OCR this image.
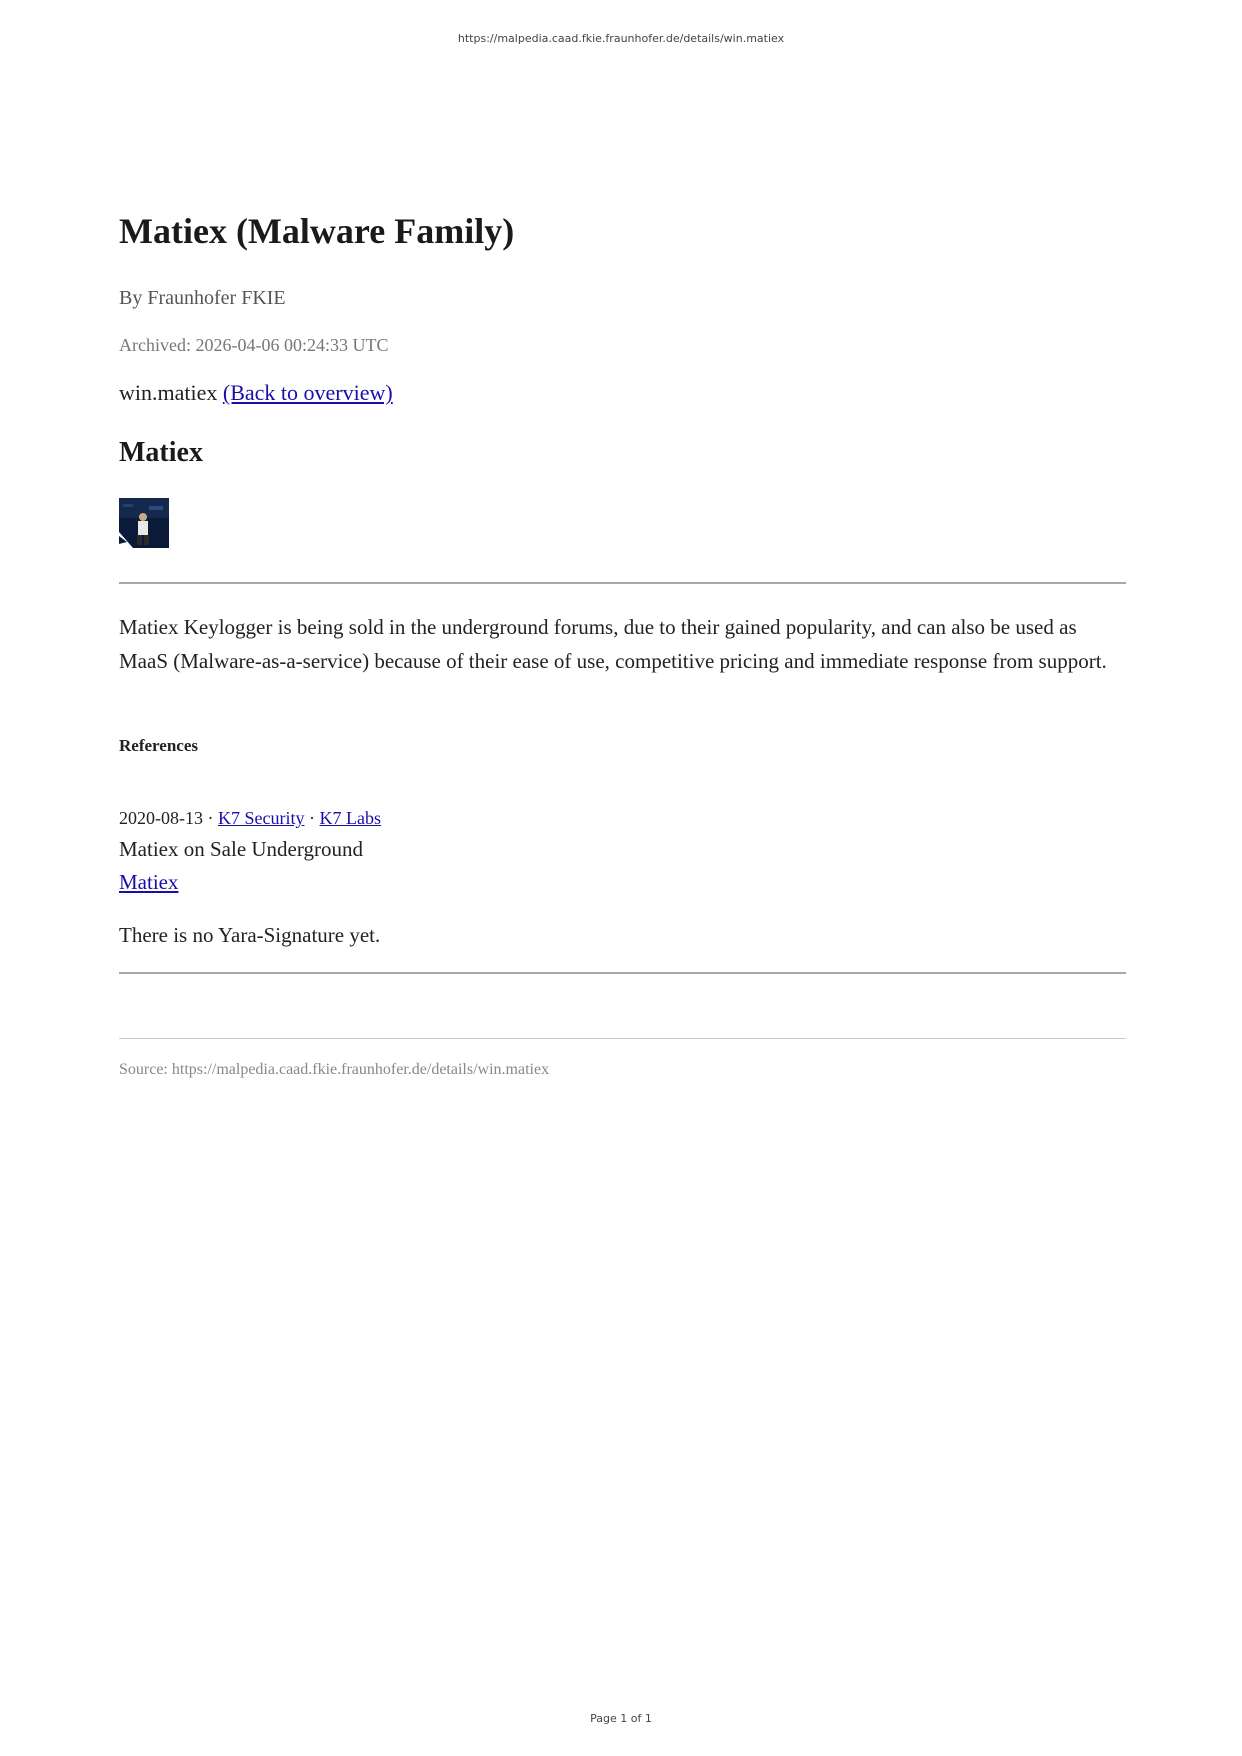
https://malpedia.caad.fkie.fraunhofer.de/details/win.matiex
Matiex (Malware Family)
By Fraunhofer FKIE
Archived: 2026-04-06 00:24:33 UTC
win.matiex (Back to overview)
Matiex
Matiex Keylogger is being sold in the underground forums, due to their gained popularity, and can also be used as MaaS (Malware-as-a-service) because of their ease of use, competitive pricing and immediate response from support.
References
2020-08-13 · K7 Security · K7 Labs
Matiex on Sale Underground
Matiex
There is no Yara-Signature yet.
Source: https://malpedia.caad.fkie.fraunhofer.de/details/win.matiex
Page 1 of 1
